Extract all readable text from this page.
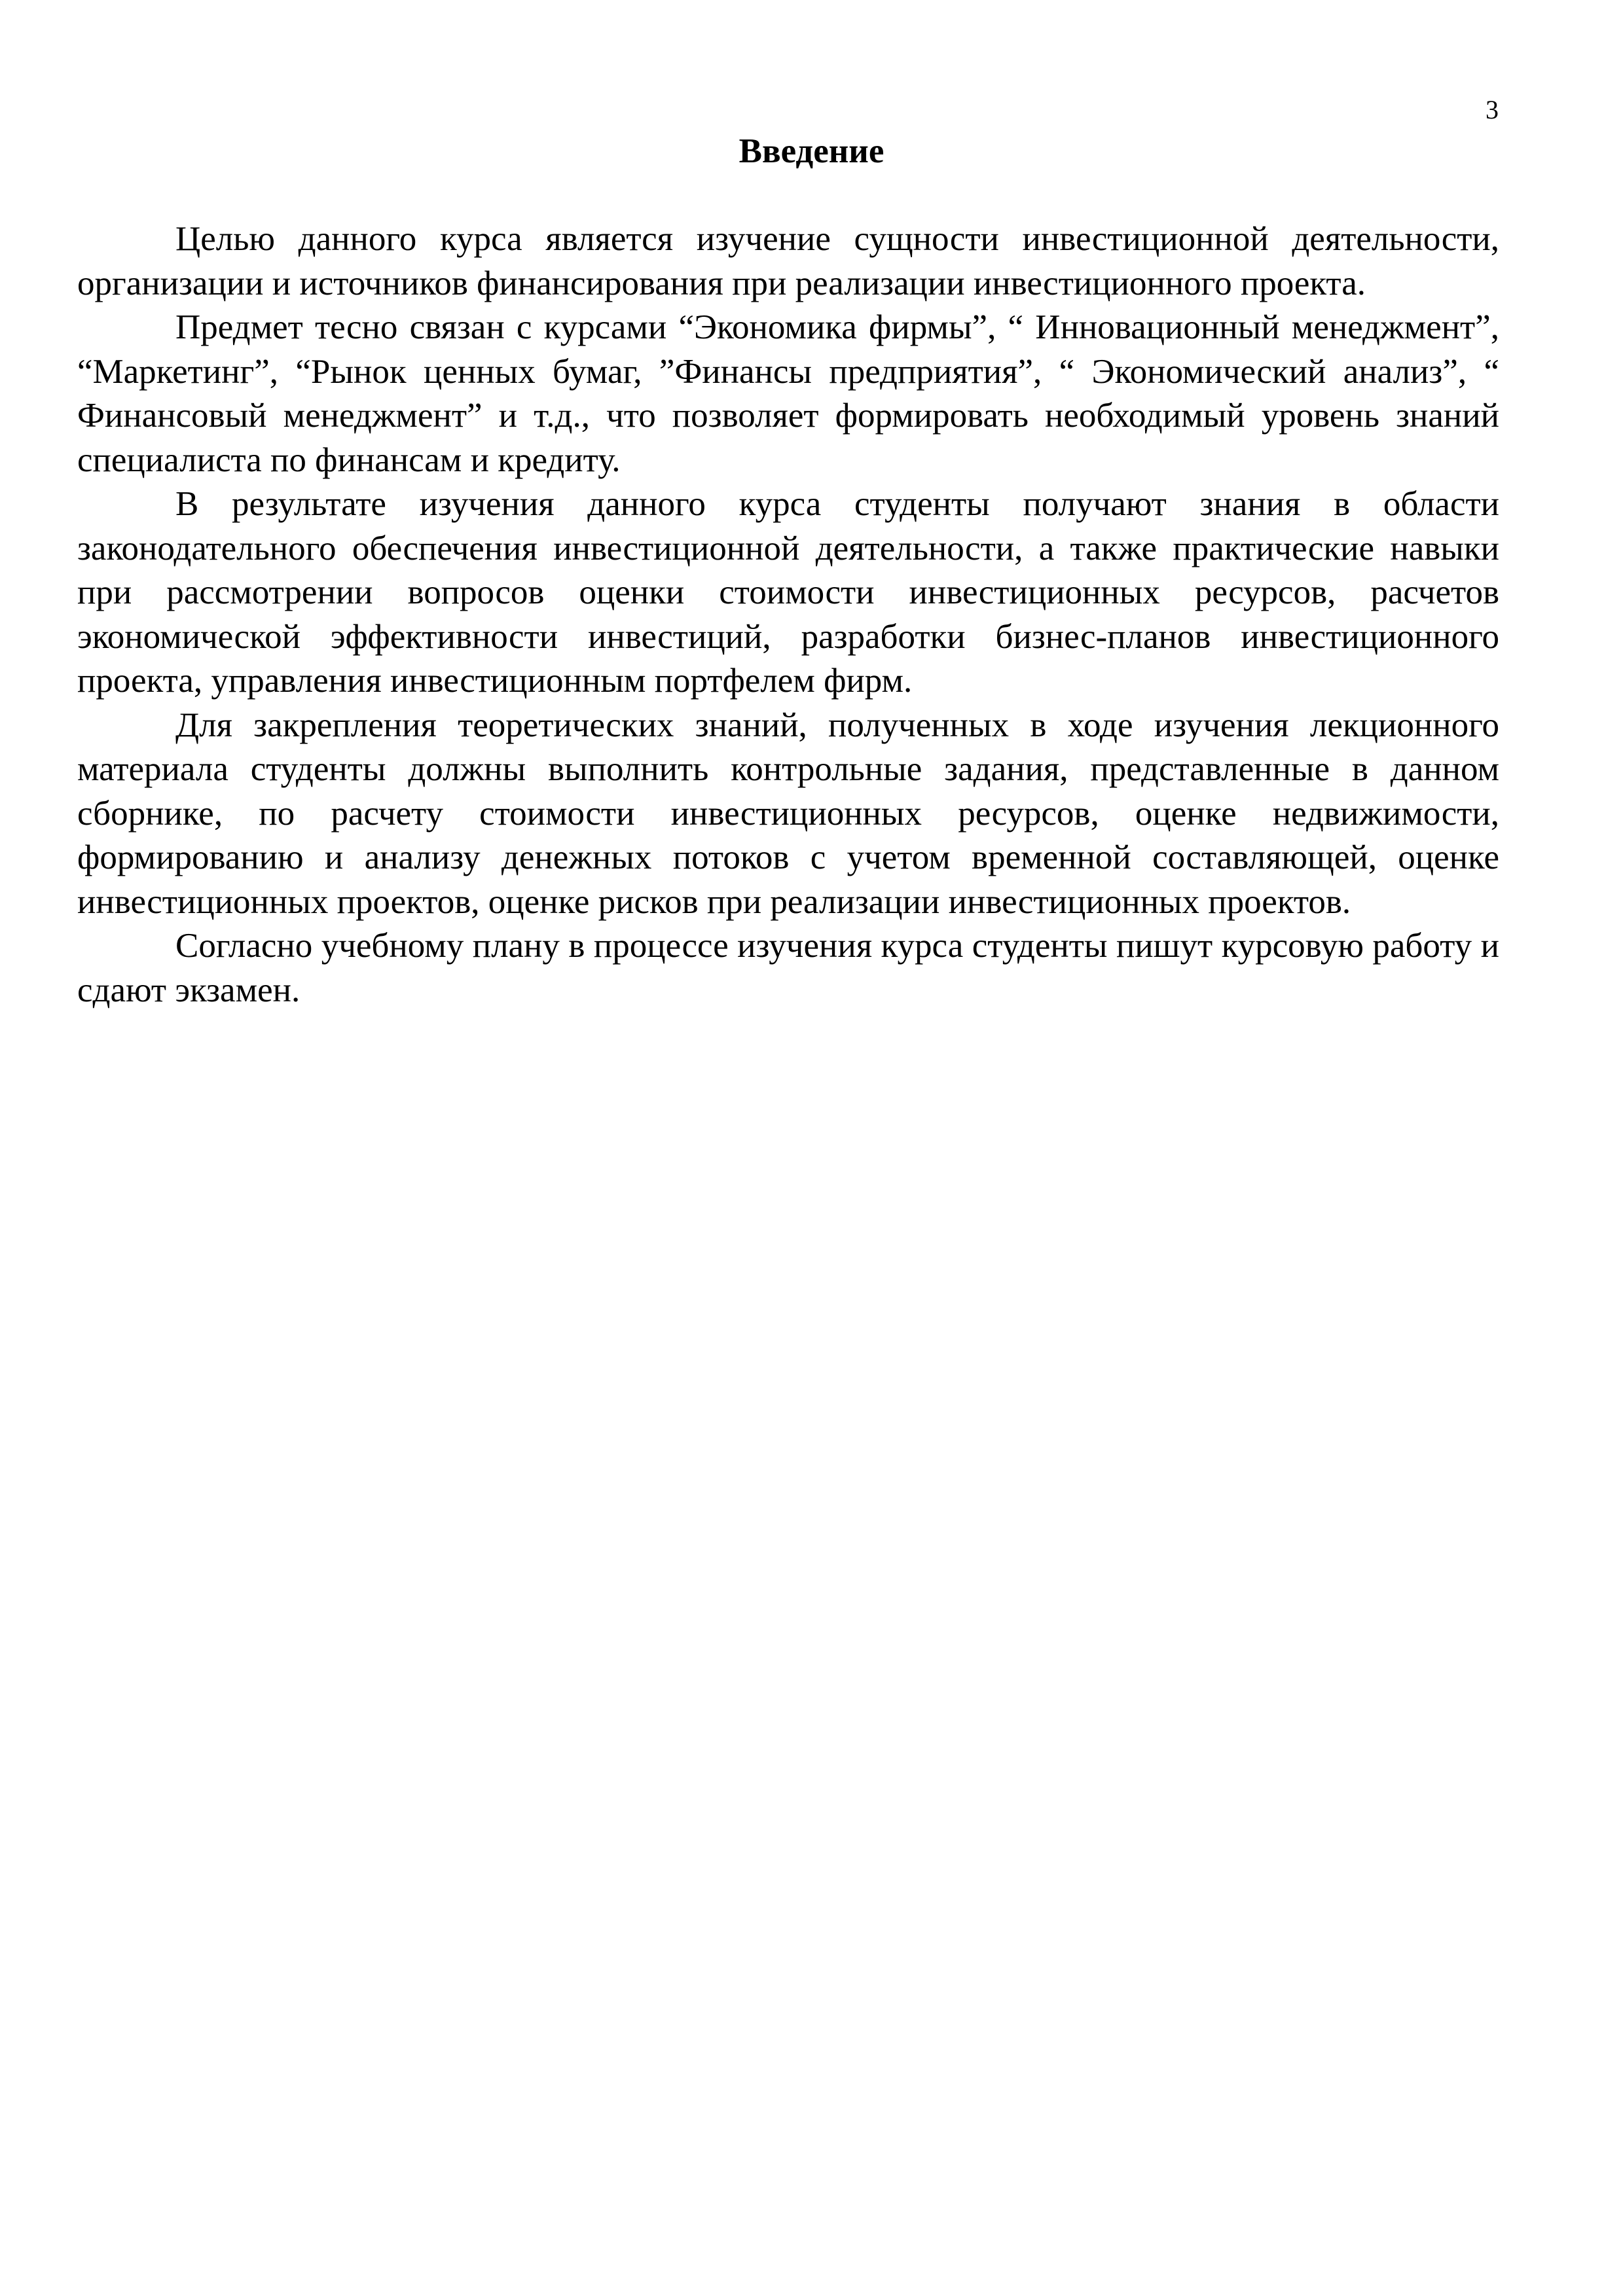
3
Введение

Целью данного курса является изучение сущности инвестиционной деятельности, организации и источников финансирования при реализации инвестиционного проекта.

Предмет тесно связан с курсами “Экономика фирмы”, “ Инновационный менеджмент”, “Маркетинг”, “Рынок ценных бумаг, ”Финансы предприятия”, “ Экономический анализ”, “ Финансовый менеджмент” и т.д., что позволяет формировать необходимый уровень знаний специалиста по финансам и кредиту.

В результате изучения данного курса студенты получают знания в области законодательного обеспечения инвестиционной деятельности, а также практические навыки при рассмотрении вопросов оценки стоимости инвестиционных ресурсов, расчетов экономической эффективности инвестиций, разработки бизнес-планов инвестиционного проекта, управления инвестиционным портфелем фирм.

Для закрепления теоретических знаний, полученных в ходе изучения лекционного материала студенты должны выполнить контрольные задания, представленные в данном сборнике, по расчету стоимости инвестиционных ресурсов, оценке недвижимости, формированию и анализу денежных потоков с учетом временной составляющей, оценке инвестиционных проектов, оценке рисков при реализации инвестиционных проектов.

Согласно учебному плану в процессе изучения курса студенты пишут курсовую работу и сдают экзамен.
